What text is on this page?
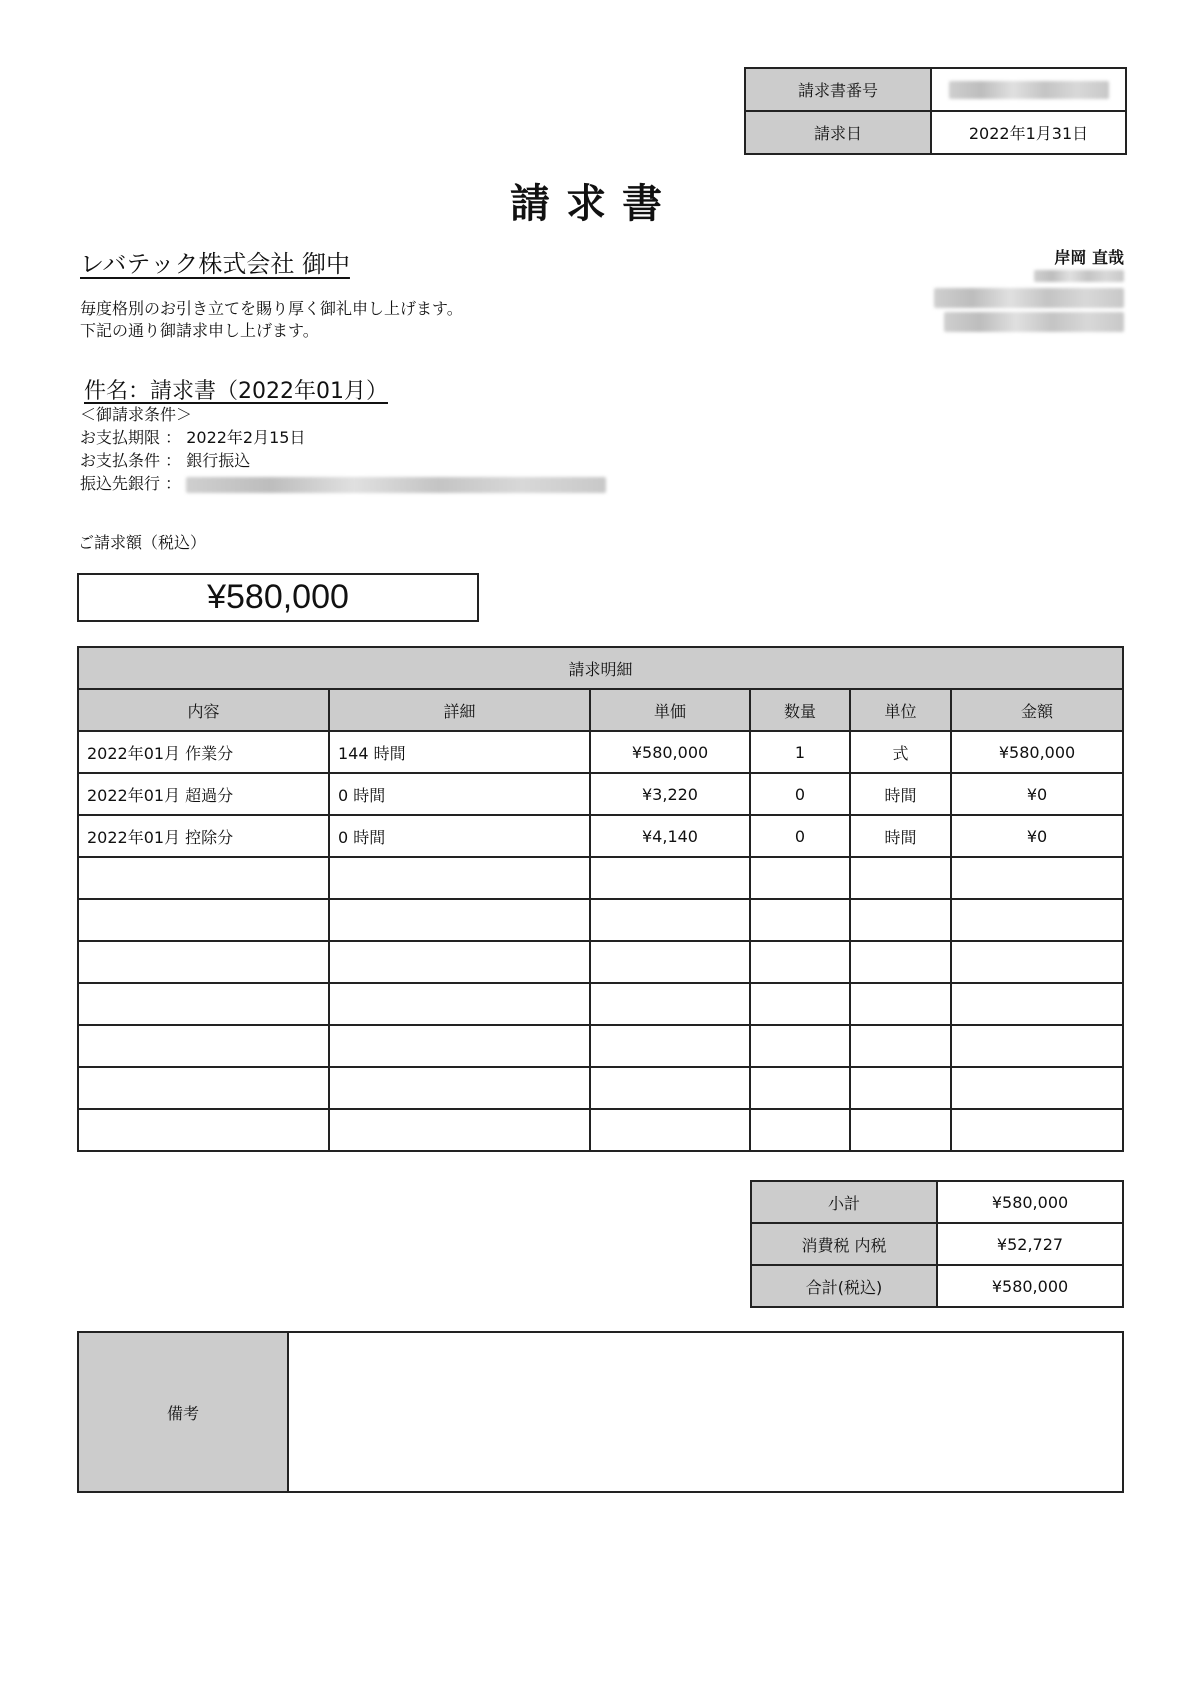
請求書番号	
請求日	2022年1月31日
請求書
レバテック株式会社 御中
毎度格別のお引き立てを賜り厚く御礼申し上げます。
下記の通り御請求申し上げます。
岸岡 直哉
件名：請求書（2022年01月）
＜御請求条件＞
お支払期限 ： 2022年2月15日
お支払条件 ： 銀行振込
振込先銀行 ：
ご請求額（税込）
¥580,000
請求明細					
内容	詳細	単価	数量	単位	金額
2022年01月 作業分	144 時間	¥580,000	1	式	¥580,000
2022年01月 超過分	0 時間	¥3,220	0	時間	¥0
2022年01月 控除分	0 時間	¥4,140	0	時間	¥0

小計	¥580,000
消費税 内税	¥52,727
合計(税込)	¥580,000
備考
